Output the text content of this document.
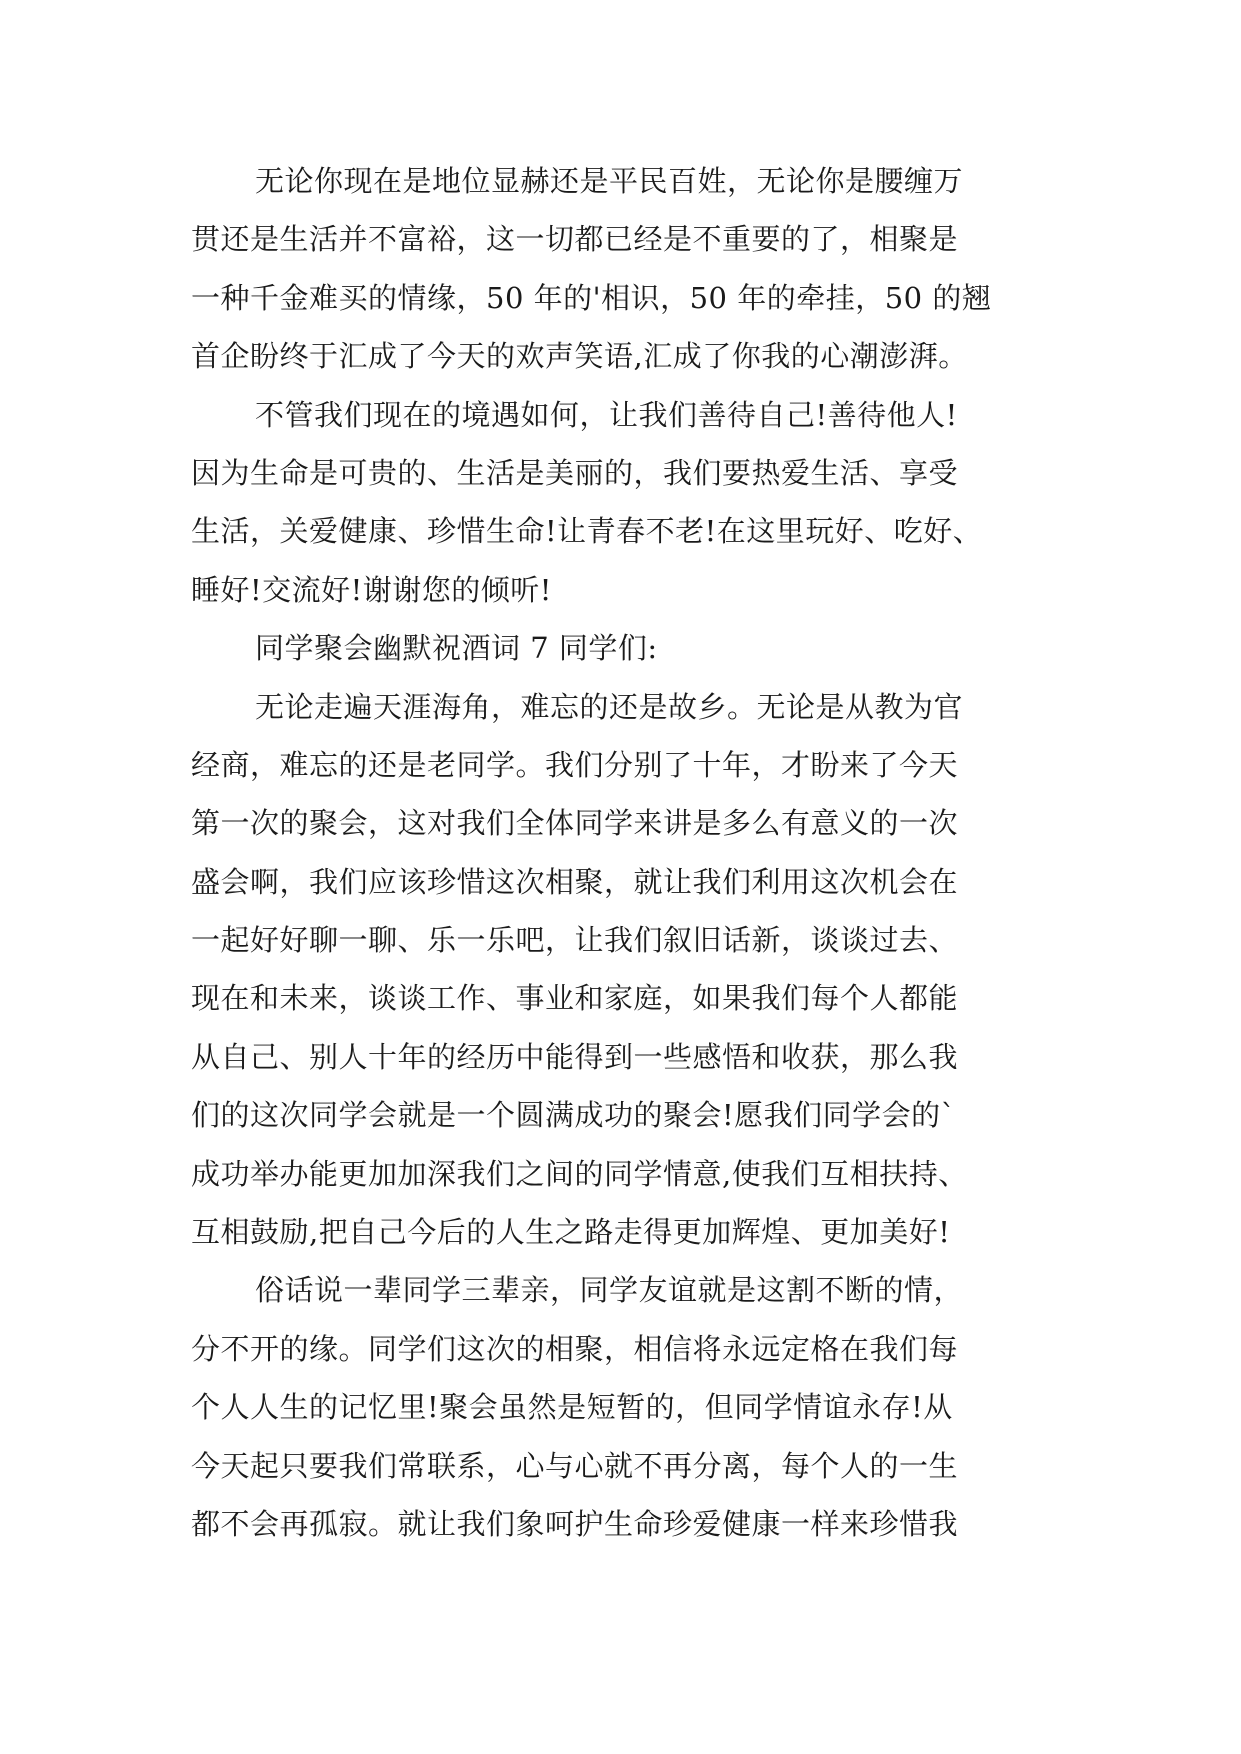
无论你现在是地位显赫还是平民百姓，无论你是腰缠万
贯还是生活并不富裕，这一切都已经是不重要的了，相聚是
一种千金难买的情缘，50 年的'相识，50 年的牵挂，50 的翘
首企盼终于汇成了今天的欢声笑语,汇成了你我的心潮澎湃。
不管我们现在的境遇如何，让我们善待自己!善待他人!
因为生命是可贵的、生活是美丽的，我们要热爱生活、享受
生活，关爱健康、珍惜生命!让青春不老!在这里玩好、吃好、
睡好!交流好!谢谢您的倾听!
同学聚会幽默祝酒词 7 同学们:
无论走遍天涯海角，难忘的还是故乡。无论是从教为官
经商，难忘的还是老同学。我们分别了十年，才盼来了今天
第一次的聚会，这对我们全体同学来讲是多么有意义的一次
盛会啊，我们应该珍惜这次相聚，就让我们利用这次机会在
一起好好聊一聊、乐一乐吧，让我们叙旧话新，谈谈过去、
现在和未来，谈谈工作、事业和家庭，如果我们每个人都能
从自己、别人十年的经历中能得到一些感悟和收获，那么我
们的这次同学会就是一个圆满成功的聚会!愿我们同学会的`
成功举办能更加加深我们之间的同学情意,使我们互相扶持、
互相鼓励,把自己今后的人生之路走得更加辉煌、更加美好!
俗话说一辈同学三辈亲，同学友谊就是这割不断的情，
分不开的缘。同学们这次的相聚，相信将永远定格在我们每
个人人生的记忆里!聚会虽然是短暂的，但同学情谊永存!从
今天起只要我们常联系，心与心就不再分离，每个人的一生
都不会再孤寂。就让我们象呵护生命珍爱健康一样来珍惜我
